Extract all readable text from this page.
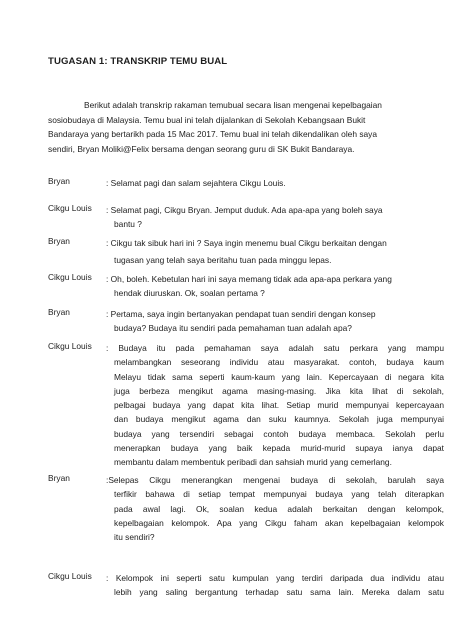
TUGASAN 1: TRANSKRIP TEMU BUAL

Berikut adalah transkrip rakaman temubual secara lisan mengenai kepelbagaian
sosiobudaya di Malaysia. Temu bual ini telah dijalankan di Sekolah Kebangsaan Bukit
Bandaraya yang bertarikh pada 15 Mac 2017. Temu bual ini telah dikendalikan oleh saya
sendiri, Bryan Moliki@Felix bersama dengan seorang guru di SK Bukit Bandaraya.

Bryan	: Selamat pagi dan salam sejahtera Cikgu Louis.
Cikgu Louis : Selamat pagi, Cikgu Bryan. Jemput duduk. Ada apa-apa yang boleh saya
bantu ?
Bryan	: Cikgu tak sibuk hari ini ? Saya ingin menemu bual Cikgu berkaitan dengan
tugasan yang telah saya beritahu tuan pada minggu lepas.
Cikgu Louis : Oh, boleh. Kebetulan hari ini saya memang tidak ada apa-apa perkara yang
hendak diuruskan. Ok, soalan pertama ?
Bryan	: Pertama, saya ingin bertanyakan pendapat tuan sendiri dengan konsep
budaya? Budaya itu sendiri pada pemahaman tuan adalah apa?
Cikgu Louis : Budaya itu pada pemahaman saya adalah satu perkara yang mampu
melambangkan seseorang individu atau masyarakat. contoh, budaya kaum
Melayu tidak sama seperti kaum-kaum yang lain. Kepercayaan di negara kita
juga berbeza mengikut agama masing-masing. Jika kita lihat di sekolah,
pelbagai budaya yang dapat kita lihat. Setiap murid mempunyai kepercayaan
dan budaya mengikut agama dan suku kaumnya. Sekolah juga mempunyai
budaya yang tersendiri sebagai contoh budaya membaca. Sekolah perlu
menerapkan budaya yang baik kepada murid-murid supaya ianya dapat
membantu dalam membentuk peribadi dan sahsiah murid yang cemerlang.
Bryan	:Selepas Cikgu menerangkan mengenai budaya di sekolah, barulah saya
terfikir bahawa di setiap tempat mempunyai budaya yang telah diterapkan
pada awal lagi. Ok, soalan kedua adalah berkaitan dengan kelompok,
kepelbagaian kelompok. Apa yang Cikgu faham akan kepelbagaian kelompok
itu sendiri?
Cikgu Louis : Kelompok ini seperti satu kumpulan yang terdiri daripada dua individu atau
lebih yang saling bergantung terhadap satu sama lain. Mereka dalam satu
